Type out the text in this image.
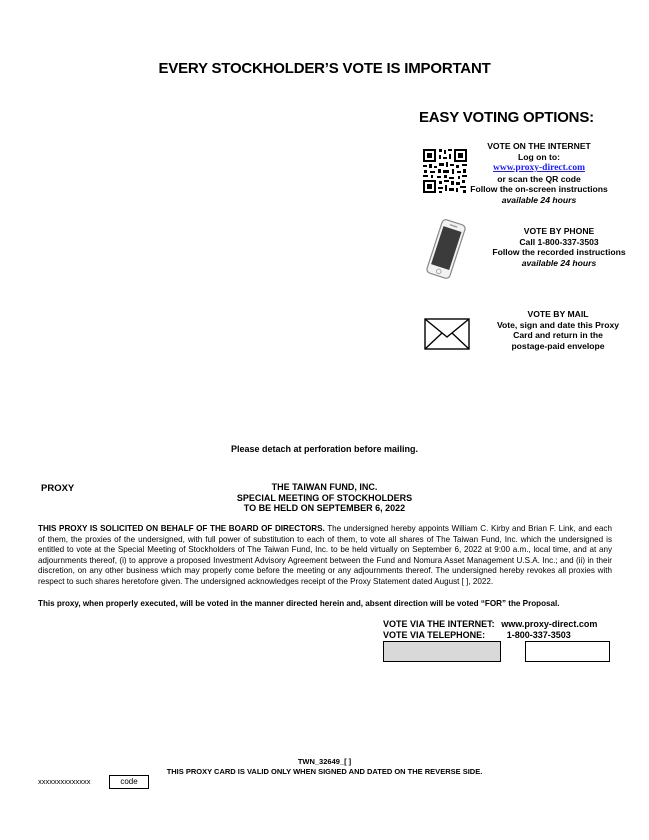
EVERY STOCKHOLDER’S VOTE IS IMPORTANT
EASY VOTING OPTIONS:
VOTE ON THE INTERNET
Log on to:
www.proxy-direct.com
or scan the QR code
Follow the on-screen instructions
available 24 hours
VOTE BY PHONE
Call 1-800-337-3503
Follow the recorded instructions
available 24 hours
VOTE BY MAIL
Vote, sign and date this Proxy
Card and return in the
postage-paid envelope
Please detach at perforation before mailing.
PROXY	THE TAIWAN FUND, INC.
SPECIAL MEETING OF STOCKHOLDERS
TO BE HELD ON SEPTEMBER 6, 2022
THIS PROXY IS SOLICITED ON BEHALF OF THE BOARD OF DIRECTORS. The undersigned hereby appoints William C. Kirby and Brian F. Link, and each of them, the proxies of the undersigned, with full power of substitution to each of them, to vote all shares of The Taiwan Fund, Inc. which the undersigned is entitled to vote at the Special Meeting of Stockholders of The Taiwan Fund, Inc. to be held virtually on September 6, 2022 at 9:00 a.m., local time, and at any adjournments thereof, (i) to approve a proposed Investment Advisory Agreement between the Fund and Nomura Asset Management U.S.A. Inc.; and (ii) in their discretion, on any other business which may properly come before the meeting or any adjournments thereof. The undersigned hereby revokes all proxies with respect to such shares heretofore given. The undersigned acknowledges receipt of the Proxy Statement dated August [ ], 2022.
This proxy, when properly executed, will be voted in the manner directed herein and, absent direction will be voted “FOR” the Proposal.
VOTE VIA THE INTERNET: www.proxy-direct.com
VOTE VIA TELEPHONE: 1-800-337-3503
TWN_32649_[ ]
THIS PROXY CARD IS VALID ONLY WHEN SIGNED AND DATED ON THE REVERSE SIDE.
xxxxxxxxxxxxxx	code
